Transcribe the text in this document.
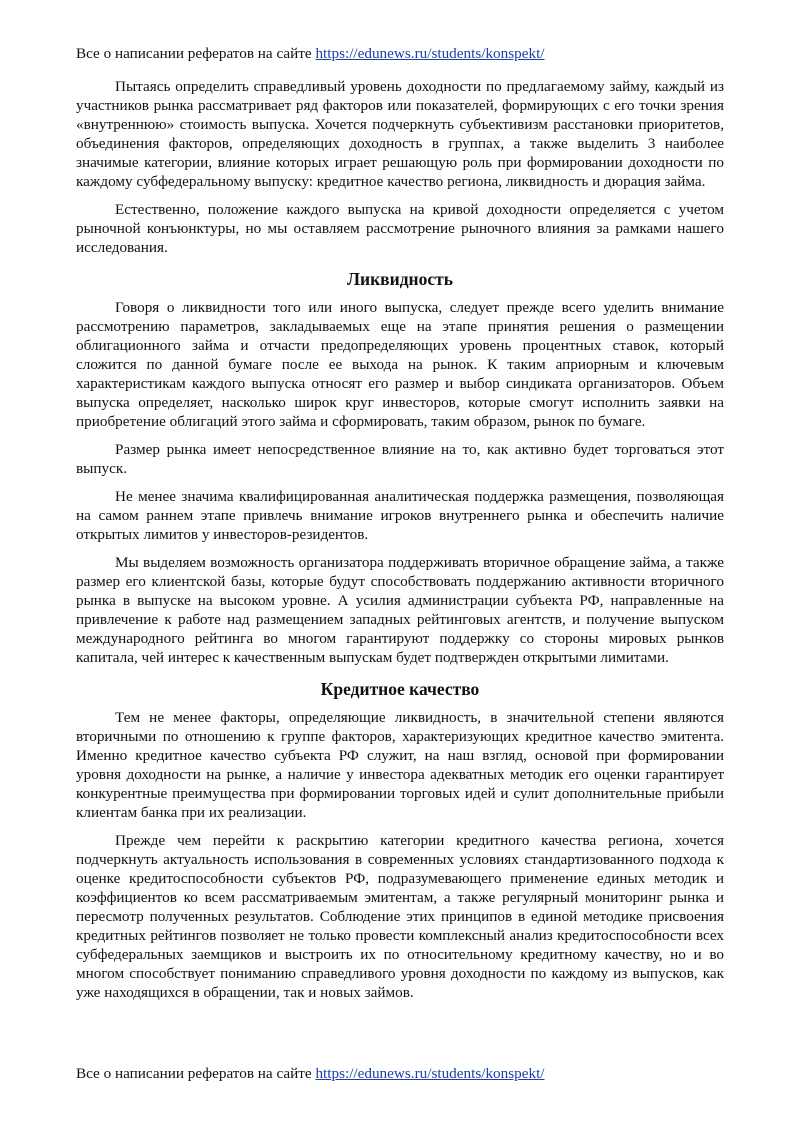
Все о написании рефератов на сайте https://edunews.ru/students/konspekt/

Пытаясь определить справедливый уровень доходности по предлагаемому займу, каждый из участников рынка рассматривает ряд факторов или показателей, формирующих с его точки зрения «внутреннюю» стоимость выпуска. Хочется подчеркнуть субъективизм расстановки приоритетов, объединения факторов, определяющих доходность в группах, а также выделить 3 наиболее значимые категории, влияние которых играет решающую роль при формировании доходности по каждому субфедеральному выпуску: кредитное качество региона, ликвидность и дюрация займа.

Естественно, положение каждого выпуска на кривой доходности определяется с учетом рыночной конъюнктуры, но мы оставляем рассмотрение рыночного влияния за рамками нашего исследования.

Ликвидность

Говоря о ликвидности того или иного выпуска, следует прежде всего уделить внимание рассмотрению параметров, закладываемых еще на этапе принятия решения о размещении облигационного займа и отчасти предопределяющих уровень процентных ставок, который сложится по данной бумаге после ее выхода на рынок. К таким априорным и ключевым характеристикам каждого выпуска относят его размер и выбор синдиката организаторов. Объем выпуска определяет, насколько широк круг инвесторов, которые смогут исполнить заявки на приобретение облигаций этого займа и сформировать, таким образом, рынок по бумаге.

Размер рынка имеет непосредственное влияние на то, как активно будет торговаться этот выпуск.

Не менее значима квалифицированная аналитическая поддержка размещения, позволяющая на самом раннем этапе привлечь внимание игроков внутреннего рынка и обеспечить наличие открытых лимитов у инвесторов-резидентов.

Мы выделяем возможность организатора поддерживать вторичное обращение займа, а также размер его клиентской базы, которые будут способствовать поддержанию активности вторичного рынка в выпуске на высоком уровне. А усилия администрации субъекта РФ, направленные на привлечение к работе над размещением западных рейтинговых агентств, и получение выпуском международного рейтинга во многом гарантируют поддержку со стороны мировых рынков капитала, чей интерес к качественным выпускам будет подтвержден открытыми лимитами.

Кредитное качество

Тем не менее факторы, определяющие ликвидность, в значительной степени являются вторичными по отношению к группе факторов, характеризующих кредитное качество эмитента. Именно кредитное качество субъекта РФ служит, на наш взгляд, основой при формировании уровня доходности на рынке, а наличие у инвестора адекватных методик его оценки гарантирует конкурентные преимущества при формировании торговых идей и сулит дополнительные прибыли клиентам банка при их реализации.

Прежде чем перейти к раскрытию категории кредитного качества региона, хочется подчеркнуть актуальность использования в современных условиях стандартизованного подхода к оценке кредитоспособности субъектов РФ, подразумевающего применение единых методик и коэффициентов ко всем рассматриваемым эмитентам, а также регулярный мониторинг рынка и пересмотр полученных результатов. Соблюдение этих принципов в единой методике присвоения кредитных рейтингов позволяет не только провести комплексный анализ кредитоспособности всех субфедеральных заемщиков и выстроить их по относительному кредитному качеству, но и во многом способствует пониманию справедливого уровня доходности по каждому из выпусков, как уже находящихся в обращении, так и новых займов.

Все о написании рефератов на сайте https://edunews.ru/students/konspekt/
